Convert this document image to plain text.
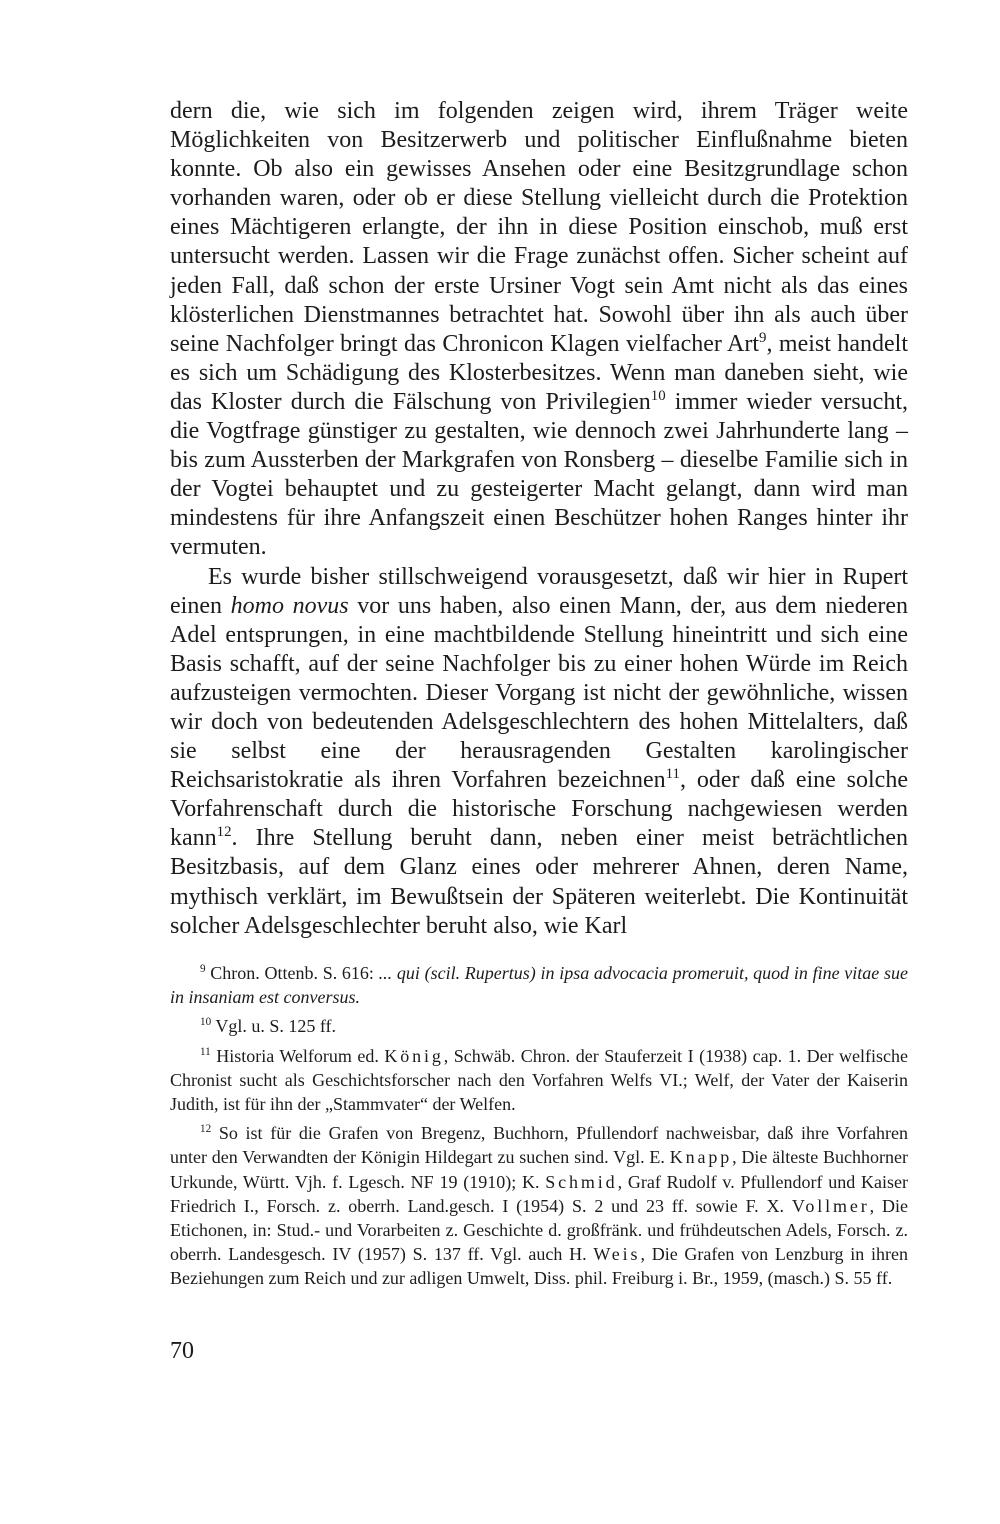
dern die, wie sich im folgenden zeigen wird, ihrem Träger weite Möglichkeiten von Besitzerwerb und politischer Einflußnahme bieten konnte. Ob also ein gewisses Ansehen oder eine Besitzgrundlage schon vorhanden waren, oder ob er diese Stellung vielleicht durch die Protektion eines Mächtigeren erlangte, der ihn in diese Position einschob, muß erst untersucht werden. Lassen wir die Frage zunächst offen. Sicher scheint auf jeden Fall, daß schon der erste Ursiner Vogt sein Amt nicht als das eines klösterlichen Dienstmannes betrachtet hat. Sowohl über ihn als auch über seine Nachfolger bringt das Chronicon Klagen vielfacher Art$^9$, meist handelt es sich um Schädigung des Klosterbesitzes. Wenn man daneben sieht, wie das Kloster durch die Fälschung von Privilegien$^{10}$ immer wieder versucht, die Vogtfrage günstiger zu gestalten, wie dennoch zwei Jahrhunderte lang – bis zum Aussterben der Markgrafen von Ronsberg – dieselbe Familie sich in der Vogtei behauptet und zu gesteigerter Macht gelangt, dann wird man mindestens für ihre Anfangszeit einen Beschützer hohen Ranges hinter ihr vermuten.

Es wurde bisher stillschweigend vorausgesetzt, daß wir hier in Rupert einen homo novus vor uns haben, also einen Mann, der, aus dem niederen Adel entsprungen, in eine machtbildende Stellung hineintritt und sich eine Basis schafft, auf der seine Nachfolger bis zu einer hohen Würde im Reich aufzusteigen vermochten. Dieser Vorgang ist nicht der gewöhnliche, wissen wir doch von bedeutenden Adelsgeschlechtern des hohen Mittelalters, daß sie selbst eine der herausragenden Gestalten karolingischer Reichsaristokratie als ihren Vorfahren bezeichnen$^{11}$, oder daß eine solche Vorfahrenschaft durch die historische Forschung nachgewiesen werden kann$^{12}$. Ihre Stellung beruht dann, neben einer meist beträchtlichen Besitzbasis, auf dem Glanz eines oder mehrerer Ahnen, deren Name, mythisch verklärt, im Bewußtsein der Späteren weiterlebt. Die Kontinuität solcher Adelsgeschlechter beruht also, wie Karl

$^9$ Chron. Ottenb. S. 616: ... qui (scil. Rupertus) in ipsa advocacia promeruit, quod in fine vitae sue in insaniam est conversus.

$^{10}$ Vgl. u. S. 125 ff.

$^{11}$ Historia Welforum ed. König, Schwäb. Chron. der Stauferzeit I (1938) cap. 1. Der welfische Chronist sucht als Geschichtsforscher nach den Vorfahren Welfs VI.; Welf, der Vater der Kaiserin Judith, ist für ihn der „Stammvater“ der Welfen.

$^{12}$ So ist für die Grafen von Bregenz, Buchhorn, Pfullendorf nachweisbar, daß ihre Vorfahren unter den Verwandten der Königin Hildegart zu suchen sind. Vgl. E. Knapp, Die älteste Buchhorner Urkunde, Württ. Vjh. f. Lgesch. NF 19 (1910); K. Schmid, Graf Rudolf v. Pfullendorf und Kaiser Friedrich I., Forsch. z. oberrh. Land.gesch. I (1954) S. 2 und 23 ff. sowie F. X. Vollmer, Die Etichonen, in: Stud.- und Vorarbeiten z. Geschichte d. großfränk. und frühdeutschen Adels, Forsch. z. oberrh. Landesgesch. IV (1957) S. 137 ff. Vgl. auch H. Weis, Die Grafen von Lenzburg in ihren Beziehungen zum Reich und zur adligen Umwelt, Diss. phil. Freiburg i. Br., 1959, (masch.) S. 55 ff.

70
